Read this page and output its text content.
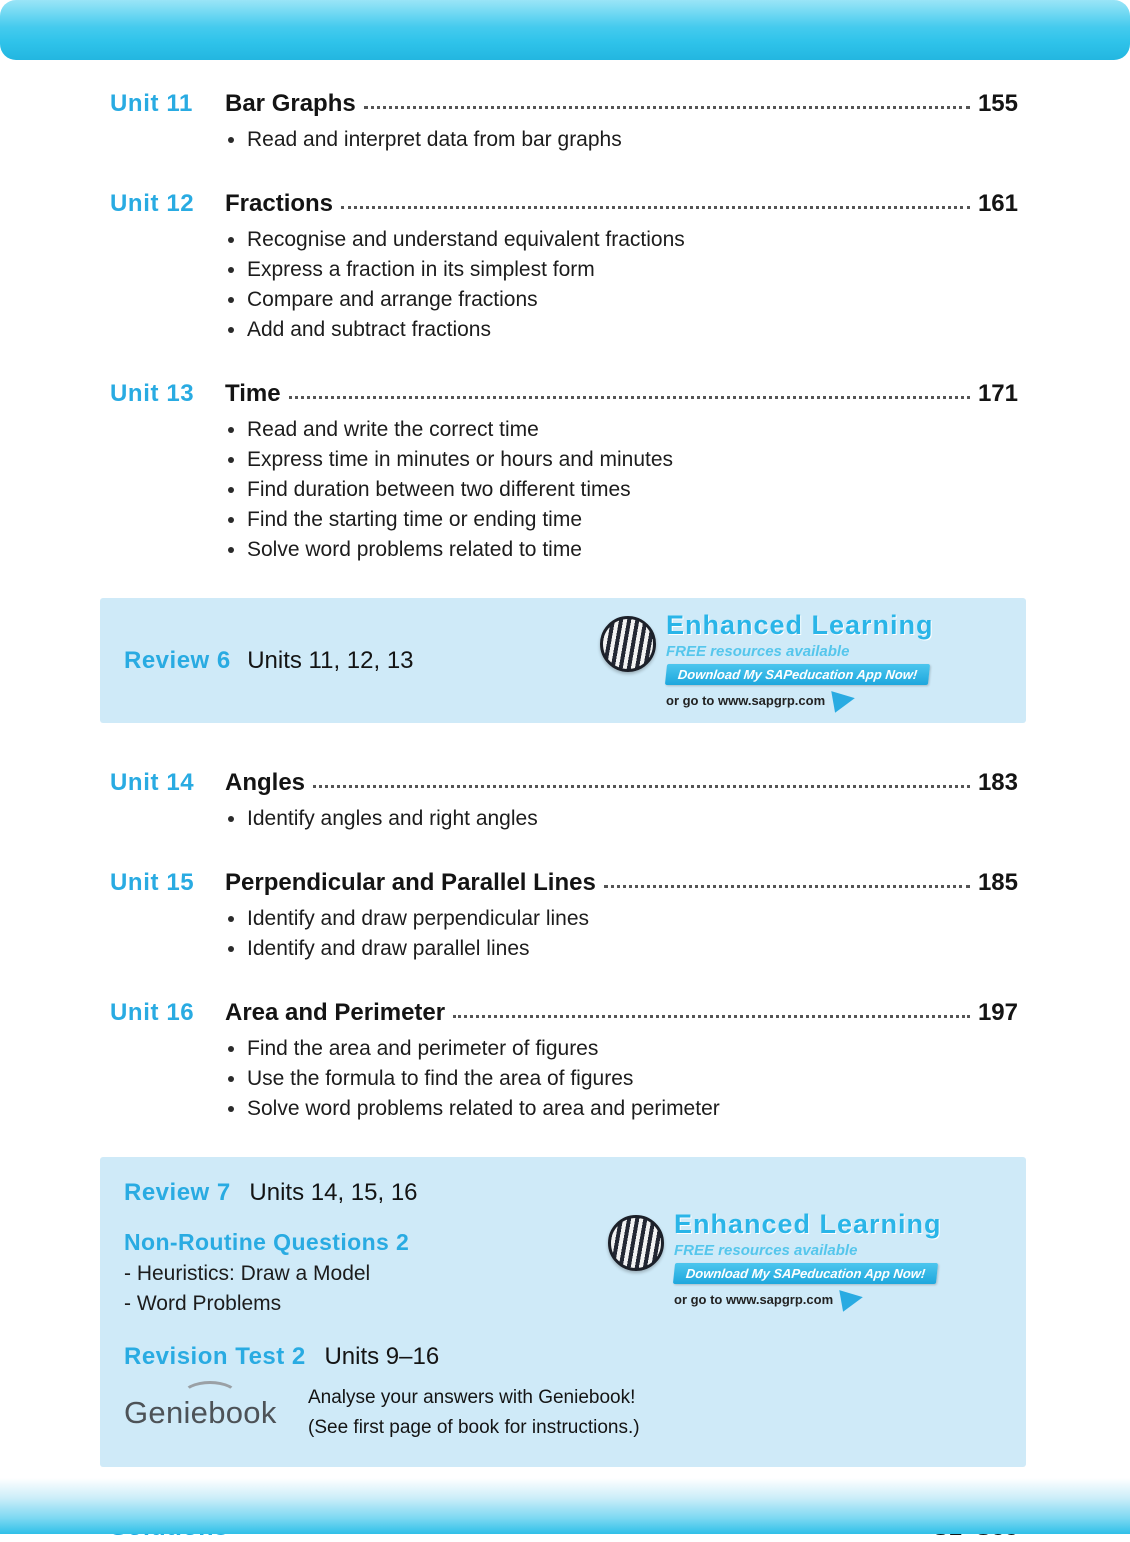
Unit 11	Bar Graphs	155
Read and interpret data from bar graphs
Unit 12	Fractions	161
Recognise and understand equivalent fractions
Express a fraction in its simplest form
Compare and arrange fractions
Add and subtract fractions
Unit 13	Time	171
Read and write the correct time
Express time in minutes or hours and minutes
Find duration between two different times
Find the starting time or ending time
Solve word problems related to time
Review 6 Units 11, 12, 13
Enhanced Learning
FREE resources available
Download My SAPeducation App Now!
or go to www.sapgrp.com
Unit 14	Angles	183
Identify angles and right angles
Unit 15	Perpendicular and Parallel Lines	185
Identify and draw perpendicular lines
Identify and draw parallel lines
Unit 16	Area and Perimeter	197
Find the area and perimeter of figures
Use the formula to find the area of figures
Solve word problems related to area and perimeter
Review 7 Units 14, 15, 16
Non-Routine Questions 2
- Heuristics: Draw a Model
- Word Problems
Revision Test 2 Units 9–16
Geniebook	Analyse your answers with Geniebook!
(See first page of book for instructions.)
Enhanced Learning
FREE resources available
Download My SAPeducation App Now!
or go to www.sapgrp.com
